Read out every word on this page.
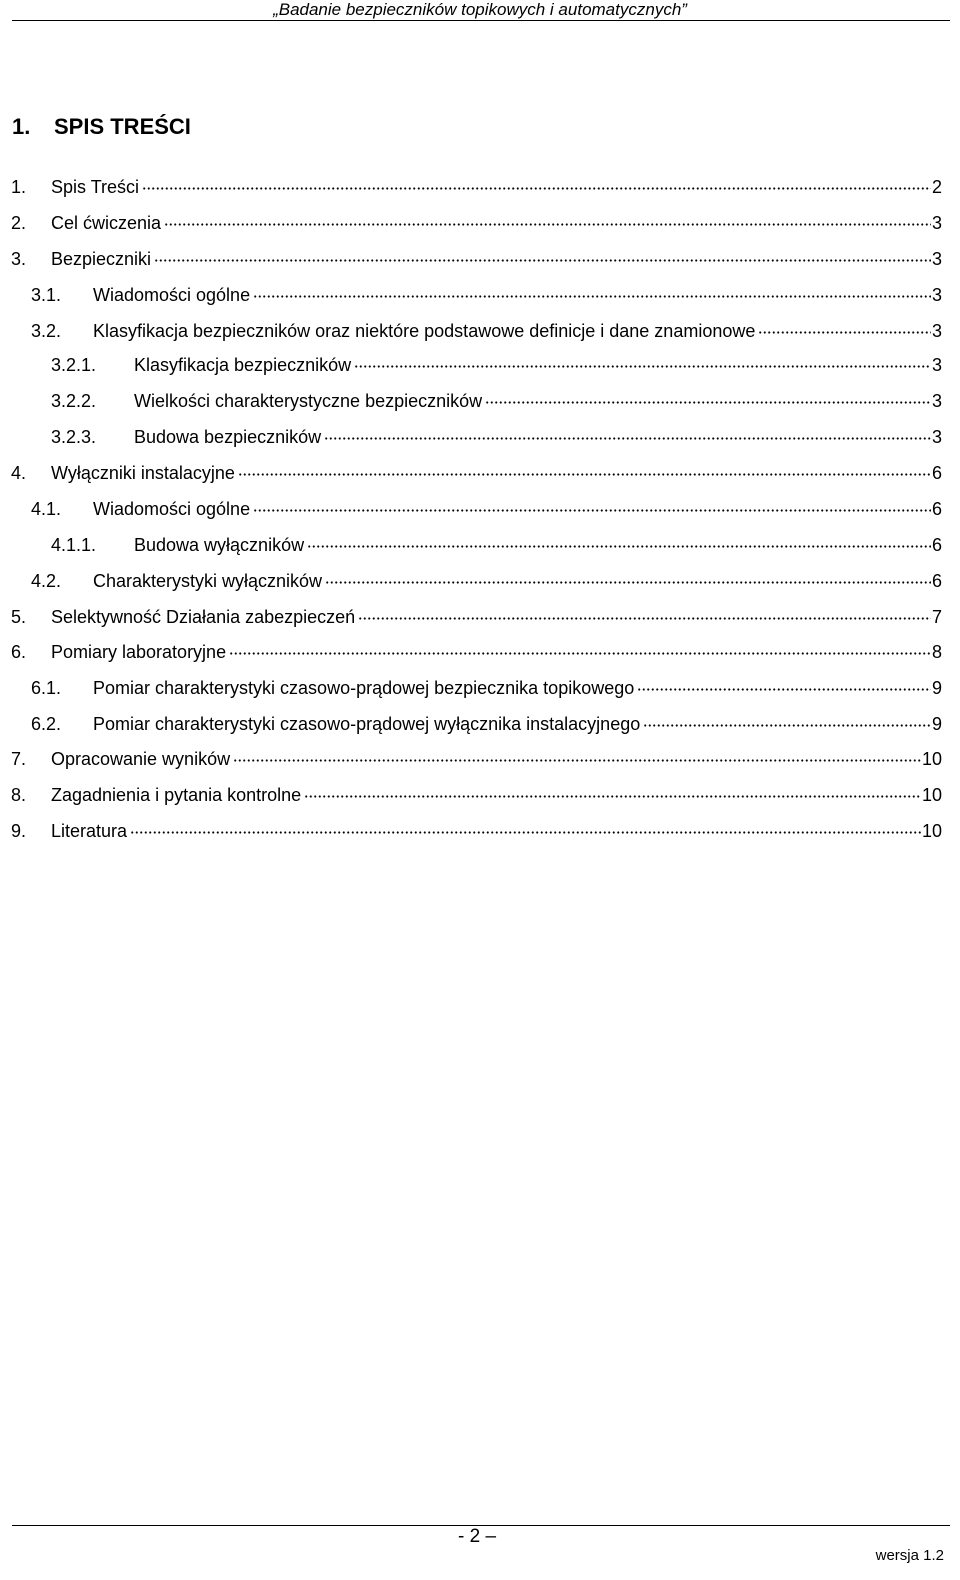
„Badanie bezpieczników topikowych i automatycznych”
1. SPIS TREŚCI
1.	Spis Treści	2
2.	Cel ćwiczenia	3
3.	Bezpieczniki	3
3.1.	Wiadomości ogólne	3
3.2.	Klasyfikacja bezpieczników oraz niektóre podstawowe definicje i dane znamionowe	3
3.2.1.	Klasyfikacja bezpieczników	3
3.2.2.	Wielkości charakterystyczne bezpieczników	3
3.2.3.	Budowa bezpieczników	3
4.	Wyłączniki instalacyjne	6
4.1.	Wiadomości ogólne	6
4.1.1.	Budowa wyłączników	6
4.2.	Charakterystyki wyłączników	6
5.	Selektywność Działania zabezpieczeń	7
6.	Pomiary laboratoryjne	8
6.1.	Pomiar charakterystyki czasowo-prądowej bezpiecznika topikowego	9
6.2.	Pomiar charakterystyki czasowo-prądowej wyłącznika instalacyjnego	9
7.	Opracowanie wyników	10
8.	Zagadnienia i pytania kontrolne	10
9.	Literatura	10
- 2 –
wersja 1.2
